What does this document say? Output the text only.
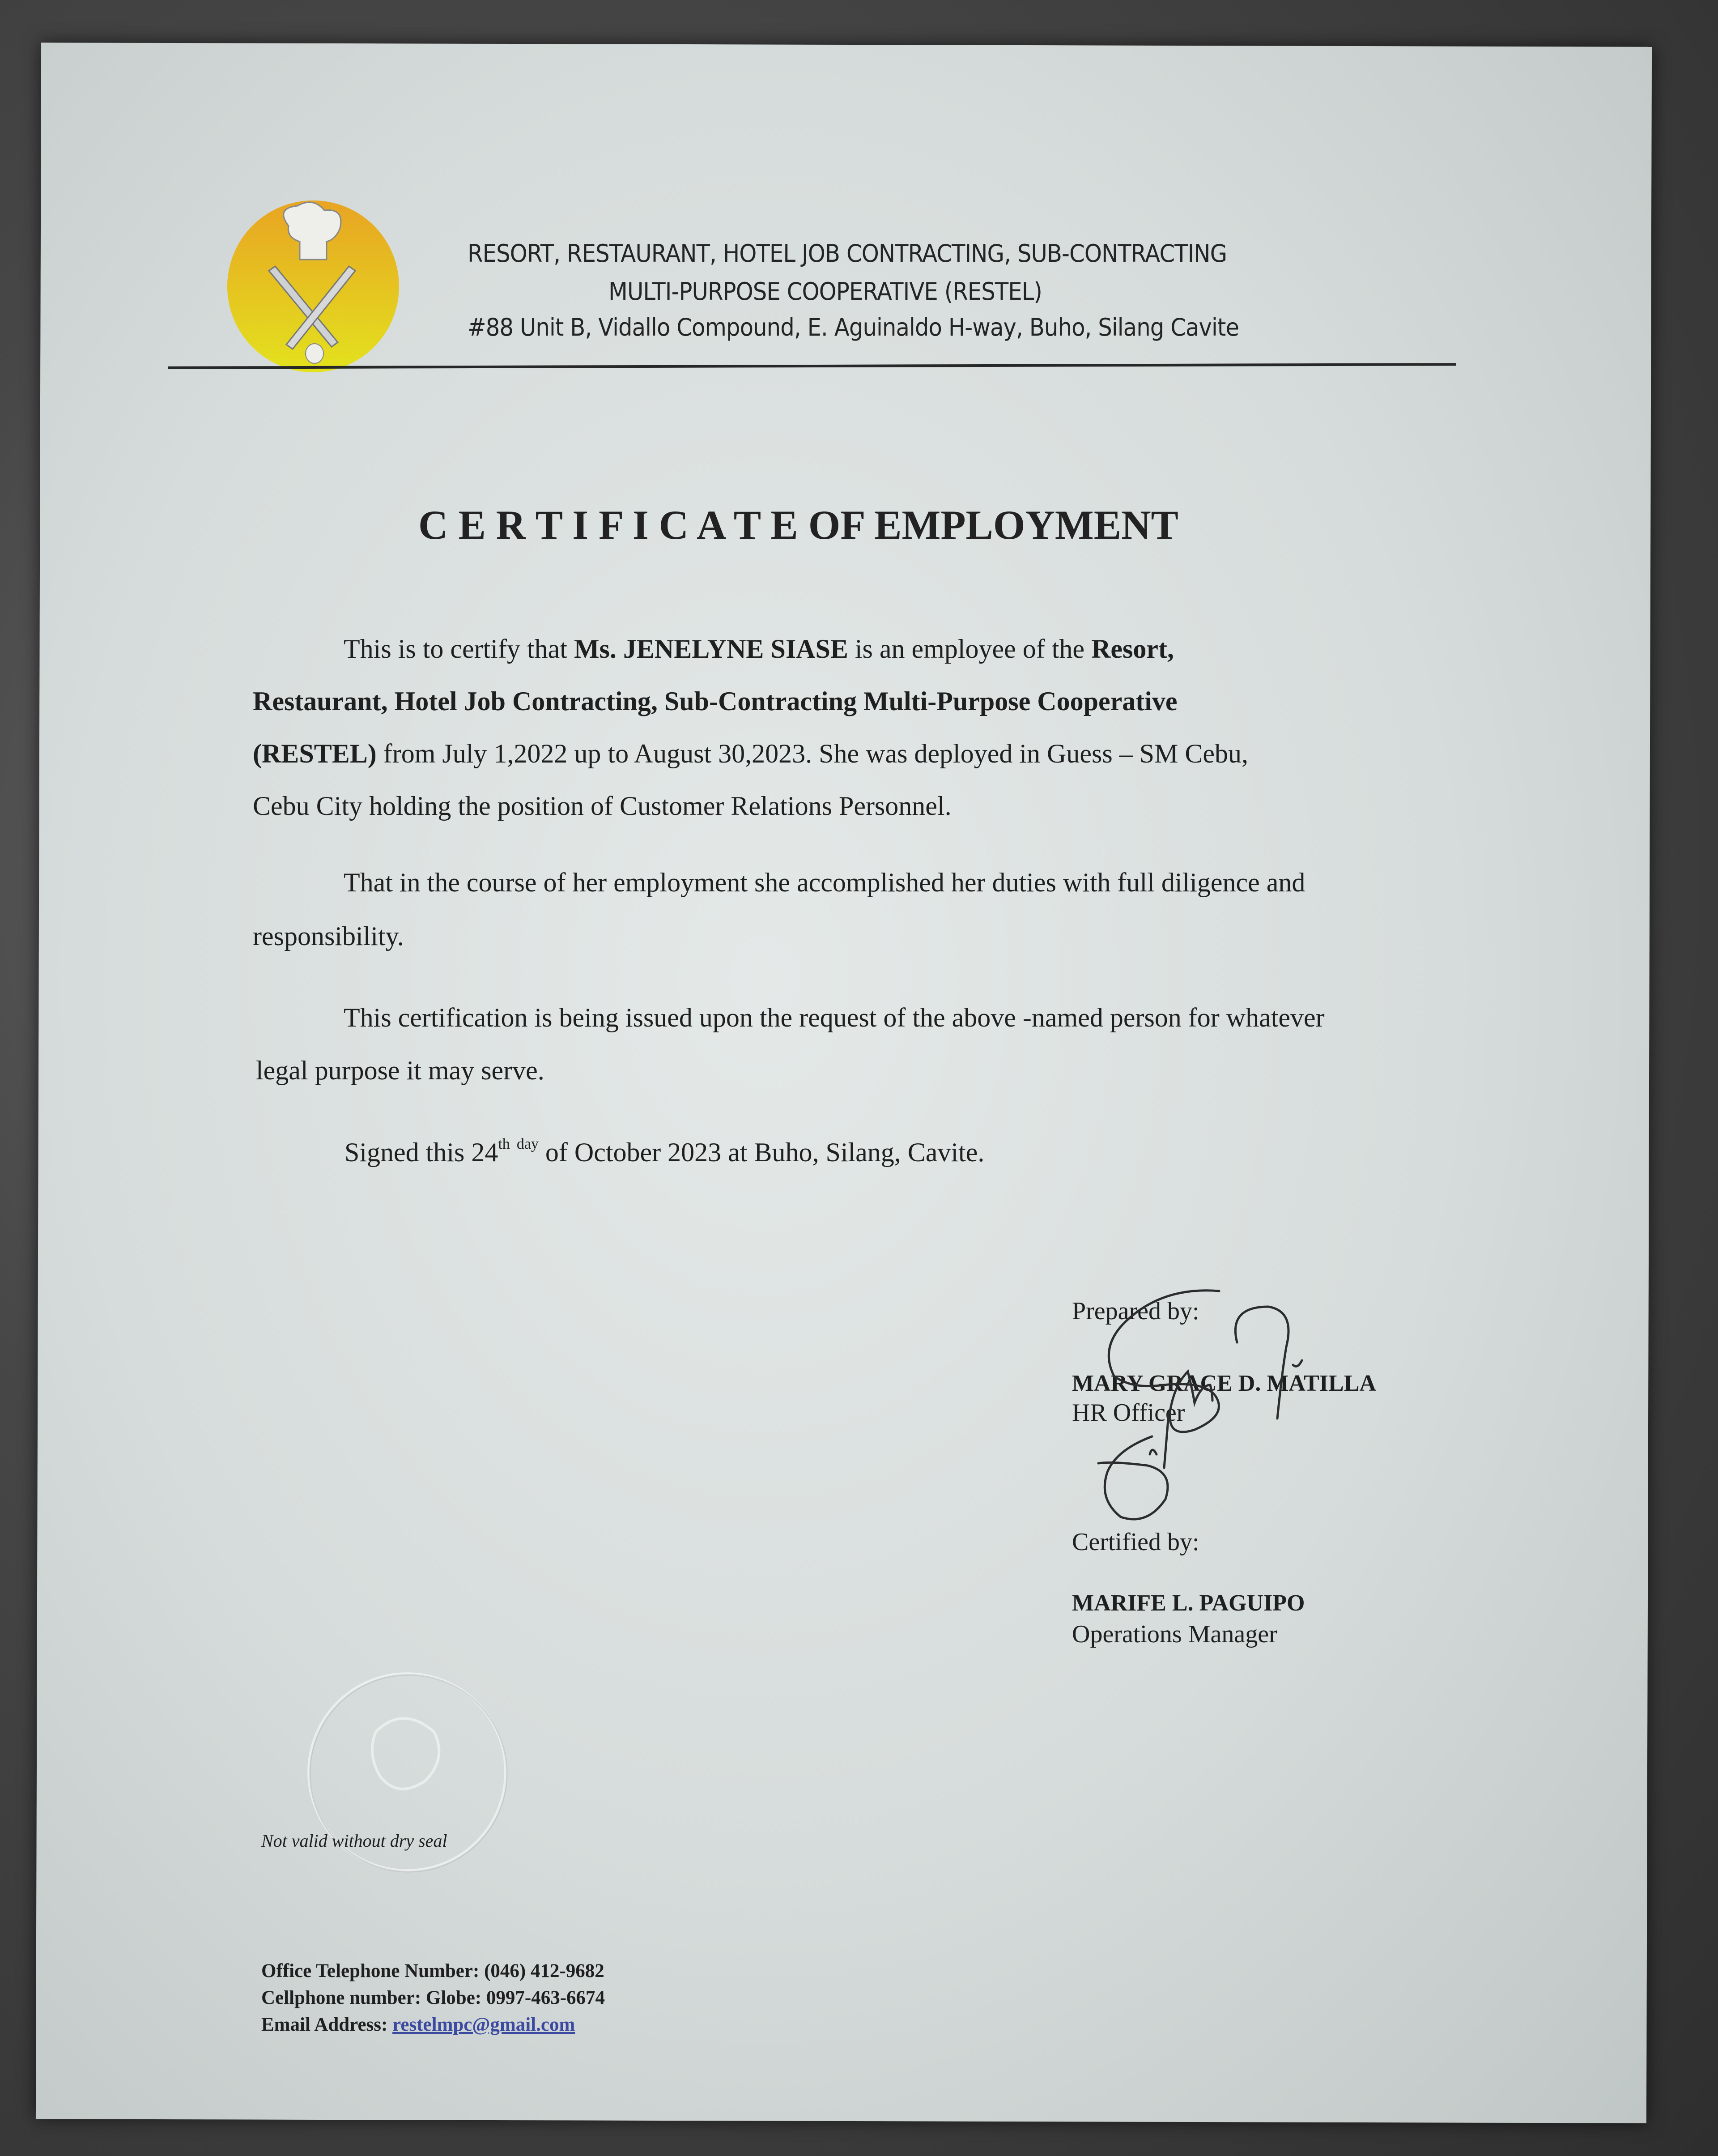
RESORT, RESTAURANT, HOTEL JOB CONTRACTING, SUB-CONTRACTING
MULTI-PURPOSE COOPERATIVE (RESTEL)
#88 Unit B, Vidallo Compound, E. Aguinaldo H-way, Buho, Silang Cavite
C E R T I F I C A T E OF EMPLOYMENT
This is to certify that Ms. JENELYNE SIASE is an employee of the Resort,
Restaurant, Hotel Job Contracting, Sub-Contracting Multi-Purpose Cooperative
(RESTEL) from July 1,2022 up to August 30,2023. She was deployed in Guess – SM Cebu,
Cebu City holding the position of Customer Relations Personnel.
That in the course of her employment she accomplished her duties with full diligence and
responsibility.
This certification is being issued upon the request of the above -named person for whatever
legal purpose it may serve.
Signed this 24th $^{day}$ of October 2023 at Buho, Silang, Cavite.
Prepared by:
MARY GRACE D. MATILLA
HR Officer
Certified by:
MARIFE L. PAGUIPO
Operations Manager
Not valid without dry seal
Office Telephone Number: (046) 412-9682
Cellphone number: Globe: 0997-463-6674
Email Address: restelmpc@gmail.com
